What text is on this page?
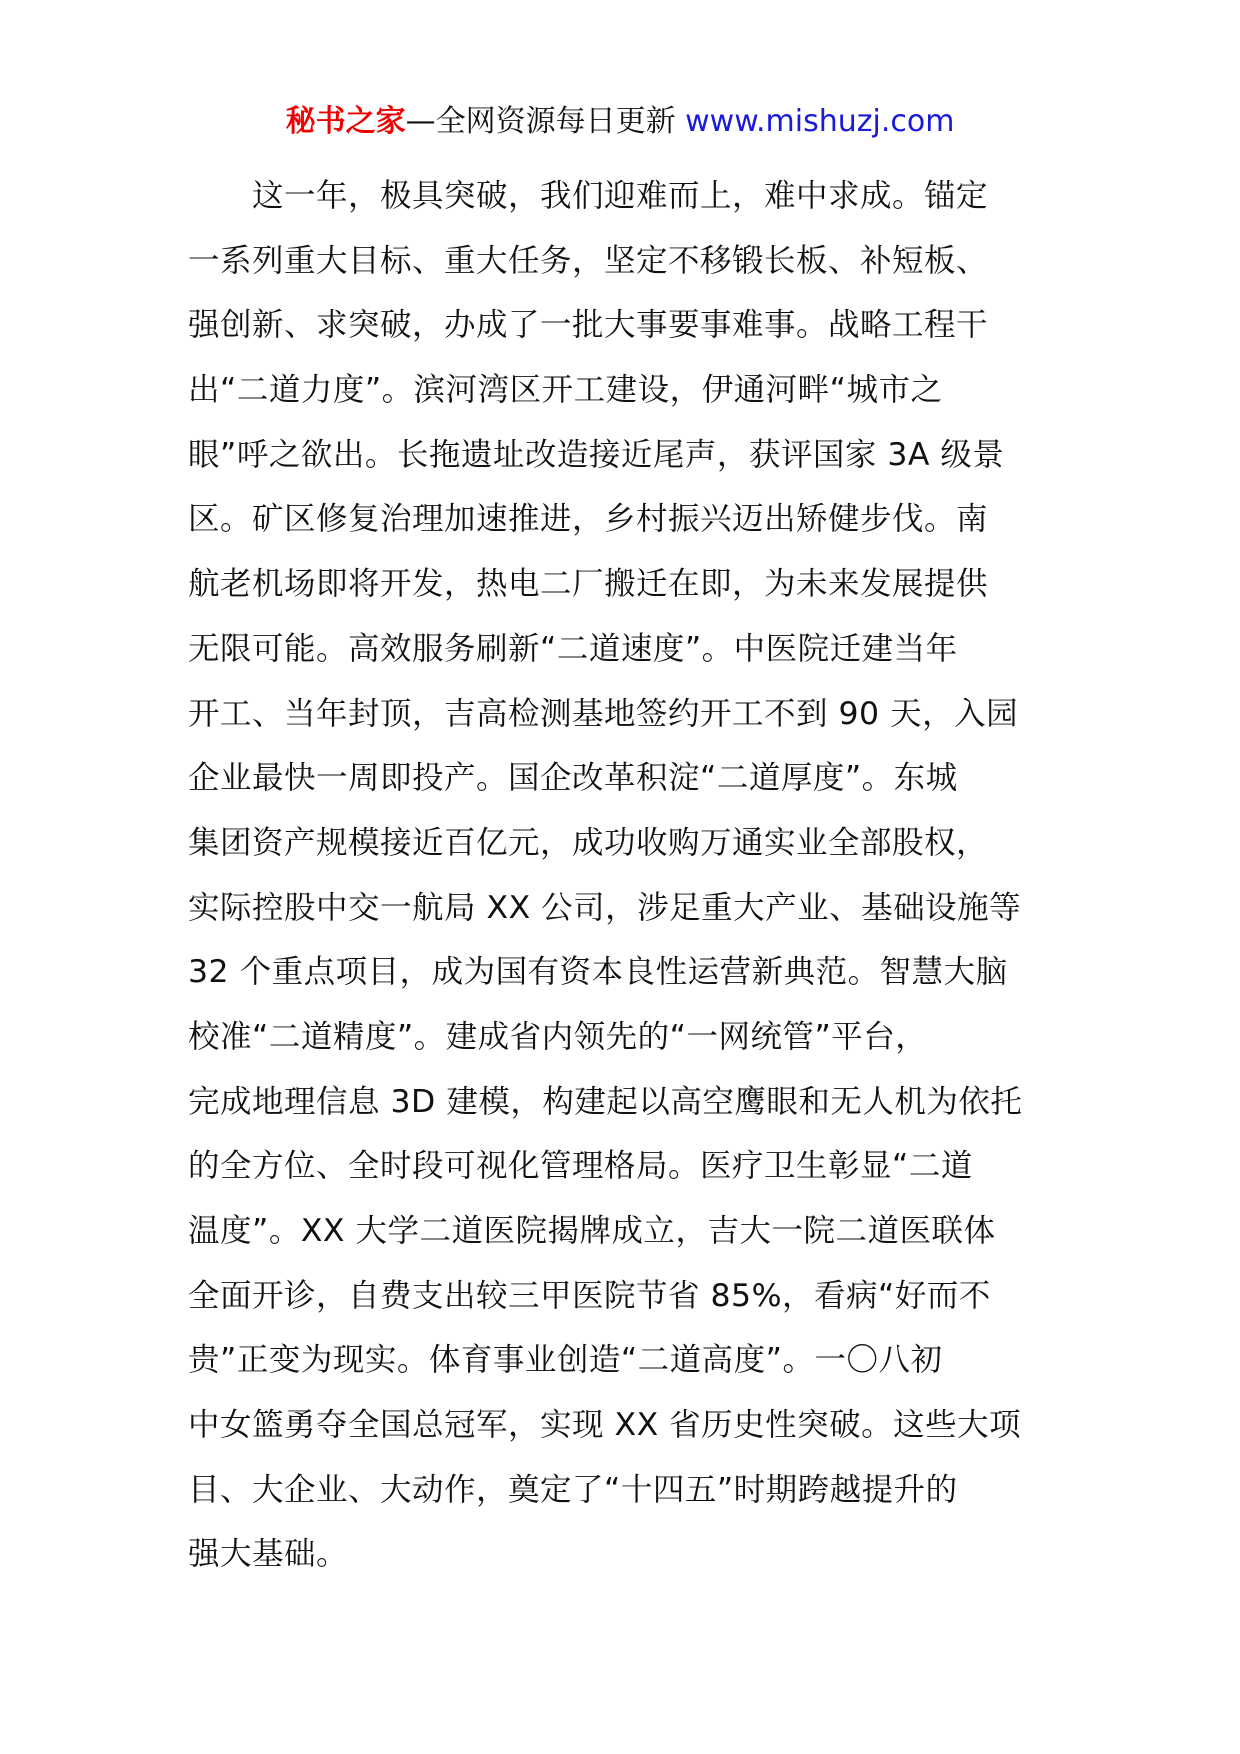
秘书之家—全网资源每日更新 www.mishuzj.com
这一年，极具突破，我们迎难而上，难中求成。锚定
一系列重大目标、重大任务，坚定不移锻长板、补短板、
强创新、求突破，办成了一批大事要事难事。战略工程干
出“二道力度”。滨河湾区开工建设，伊通河畔“城市之
眼”呼之欲出。长拖遗址改造接近尾声，获评国家 3A 级景
区。矿区修复治理加速推进，乡村振兴迈出矫健步伐。南
航老机场即将开发，热电二厂搬迁在即，为未来发展提供
无限可能。高效服务刷新“二道速度”。中医院迁建当年
开工、当年封顶，吉高检测基地签约开工不到 90 天，入园
企业最快一周即投产。国企改革积淀“二道厚度”。东城
集团资产规模接近百亿元，成功收购万通实业全部股权，
实际控股中交一航局 XX 公司，涉足重大产业、基础设施等
32 个重点项目，成为国有资本良性运营新典范。智慧大脑
校准“二道精度”。建成省内领先的“一网统管”平台，
完成地理信息 3D 建模，构建起以高空鹰眼和无人机为依托
的全方位、全时段可视化管理格局。医疗卫生彰显“二道
温度”。XX 大学二道医院揭牌成立，吉大一院二道医联体
全面开诊，自费支出较三甲医院节省 85%，看病“好而不
贵”正变为现实。体育事业创造“二道高度”。一〇八初
中女篮勇夺全国总冠军，实现 XX 省历史性突破。这些大项
目、大企业、大动作，奠定了“十四五”时期跨越提升的
强大基础。
